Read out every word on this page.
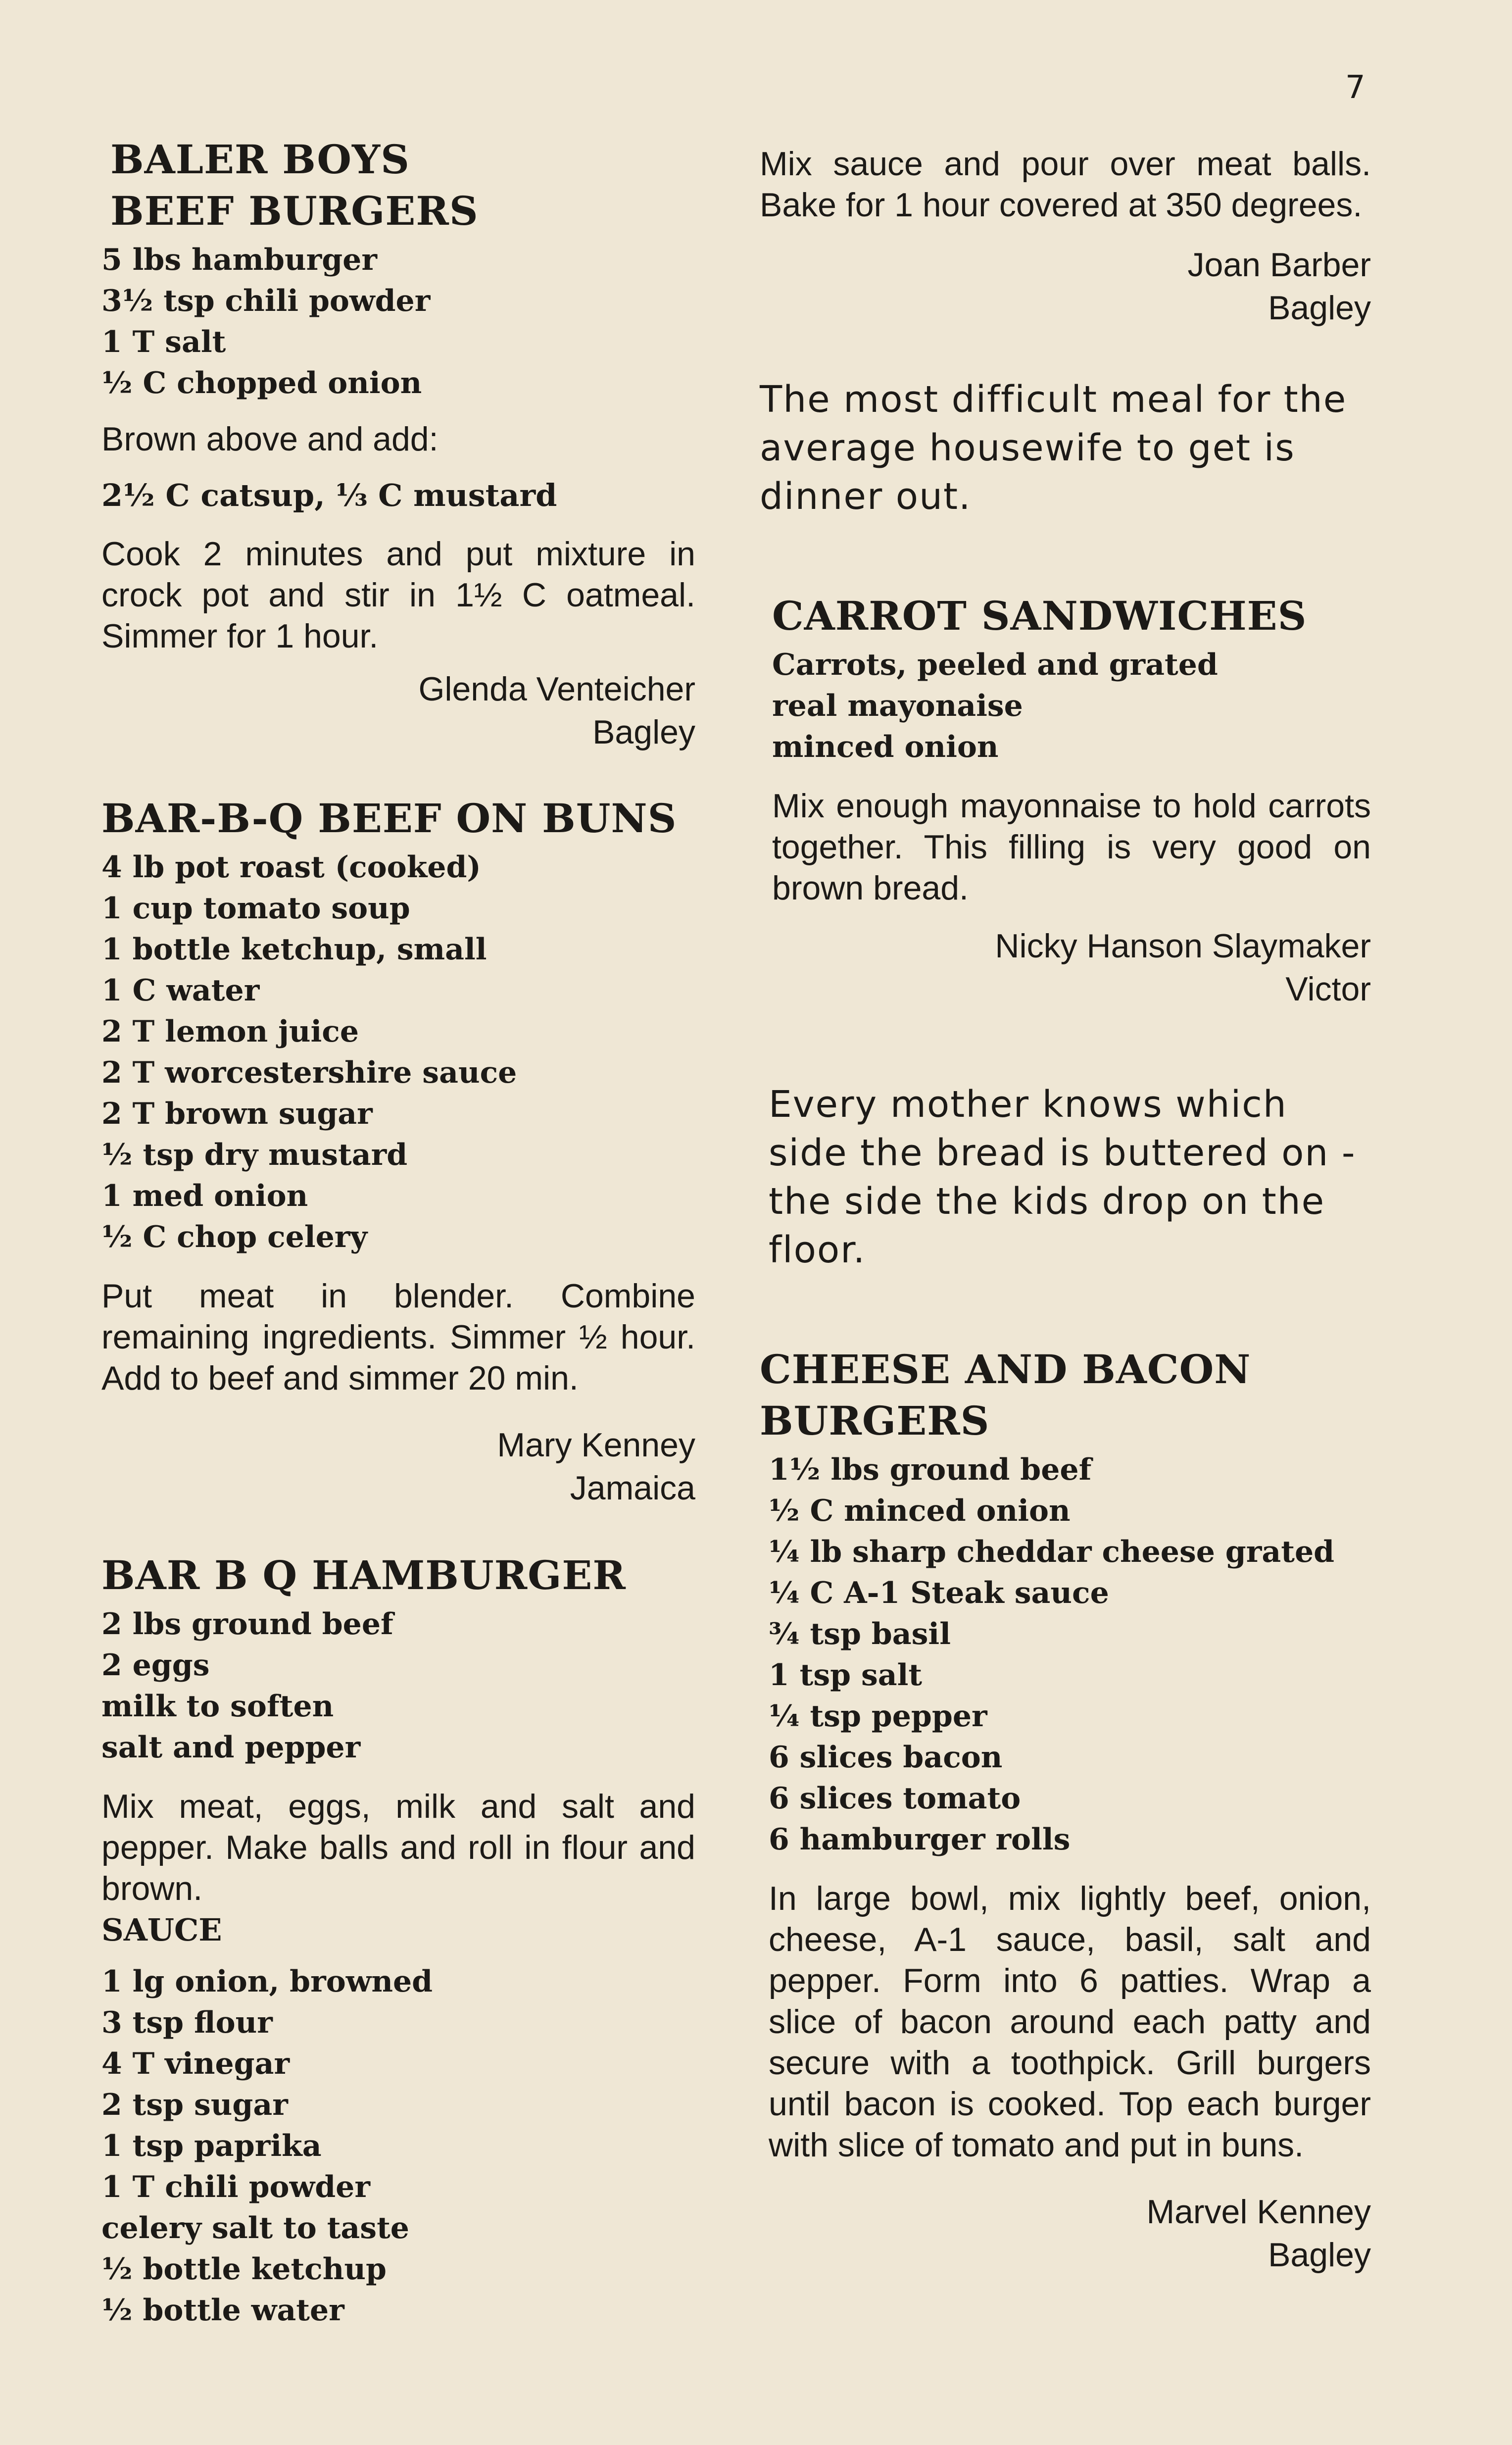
7
BALER BOYS
BEEF BURGERS
5 lbs hamburger
3½ tsp chili powder
1 T salt
½ C chopped onion

Brown above and add:

2½ C catsup, ⅓ C mustard

Cook 2 minutes and put mixture in crock pot and stir in 1½ C oatmeal. Simmer for 1 hour.

Glenda Venteicher
Bagley
BAR-B-Q BEEF ON BUNS
4 lb pot roast (cooked)
1 cup tomato soup
1 bottle ketchup, small
1 C water
2 T lemon juice
2 T worcestershire sauce
2 T brown sugar
½ tsp dry mustard
1 med onion
½ C chop celery

Put meat in blender. Combine remaining ingredients. Simmer ½ hour. Add to beef and simmer 20 min.

Mary Kenney
Jamaica
BAR B Q HAMBURGER
2 lbs ground beef
2 eggs
milk to soften
salt and pepper

Mix meat, eggs, milk and salt and pepper. Make balls and roll in flour and brown.

SAUCE

1 lg onion, browned
3 tsp flour
4 T vinegar
2 tsp sugar
1 tsp paprika
1 T chili powder
celery salt to taste
½ bottle ketchup
½ bottle water

Mix sauce and pour over meat balls. Bake for 1 hour covered at 350 degrees.

Joan Barber
Bagley

The most difficult meal for the average housewife to get is dinner out.

CARROT SANDWICHES
Carrots, peeled and grated
real mayonaise
minced onion

Mix enough mayonnaise to hold carrots together. This filling is very good on brown bread.

Nicky Hanson Slaymaker
Victor

Every mother knows which side the bread is buttered on - the side the kids drop on the floor.

CHEESE AND BACON
BURGERS
1½ lbs ground beef
½ C minced onion
¼ lb sharp cheddar cheese grated
¼ C A-1 Steak sauce
¾ tsp basil
1 tsp salt
¼ tsp pepper
6 slices bacon
6 slices tomato
6 hamburger rolls

In large bowl, mix lightly beef, onion, cheese, A-1 sauce, basil, salt and pepper. Form into 6 patties. Wrap a slice of bacon around each patty and secure with a toothpick. Grill burgers until bacon is cooked. Top each burger with slice of tomato and put in buns.

Marvel Kenney
Bagley
